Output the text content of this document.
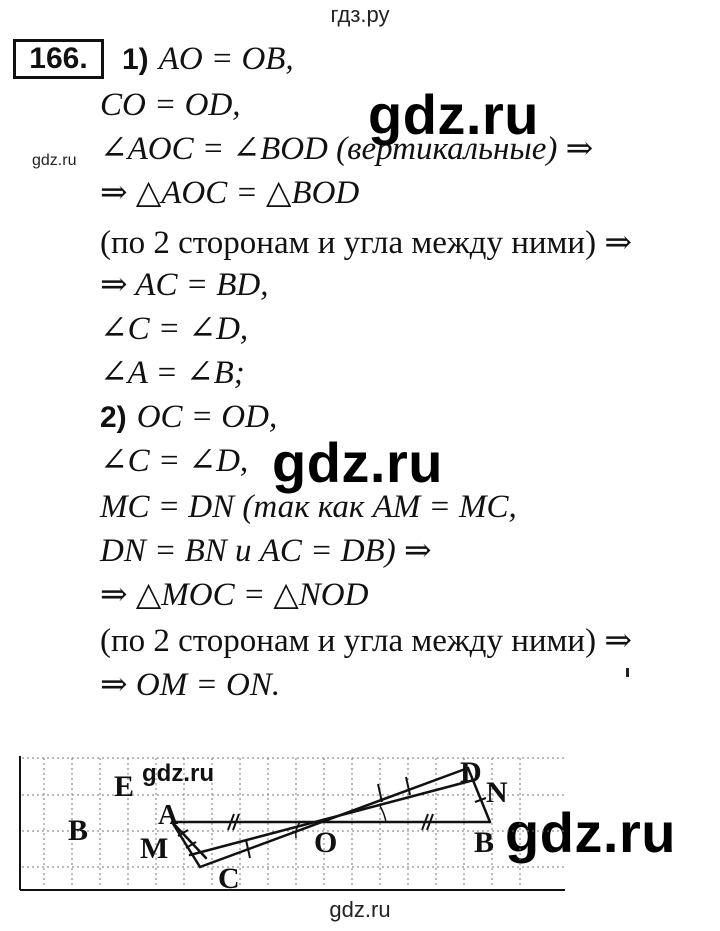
гдз.ру
166.	1) AO = OB,
CO = OD,
∠AOC = ∠BOD (вертикальные) ⇒
⇒ △AOC = △BOD
(по 2 сторонам и угла между ними) ⇒
⇒ AC = BD,
∠C = ∠D,
∠A = ∠B;
2) OC = OD,
∠C = ∠D,
MC = DN (так как AM = MC,
DN = BN и AC = DB) ⇒
⇒ △MOC = △NOD
(по 2 сторонам и угла между ними) ⇒
⇒ OM = ON.
gdz.ru
gdz.ru
gdz.ru
gdz.ru
B
E
A
M
C
O	B
D
N
gdz.ru
gdz.ru
